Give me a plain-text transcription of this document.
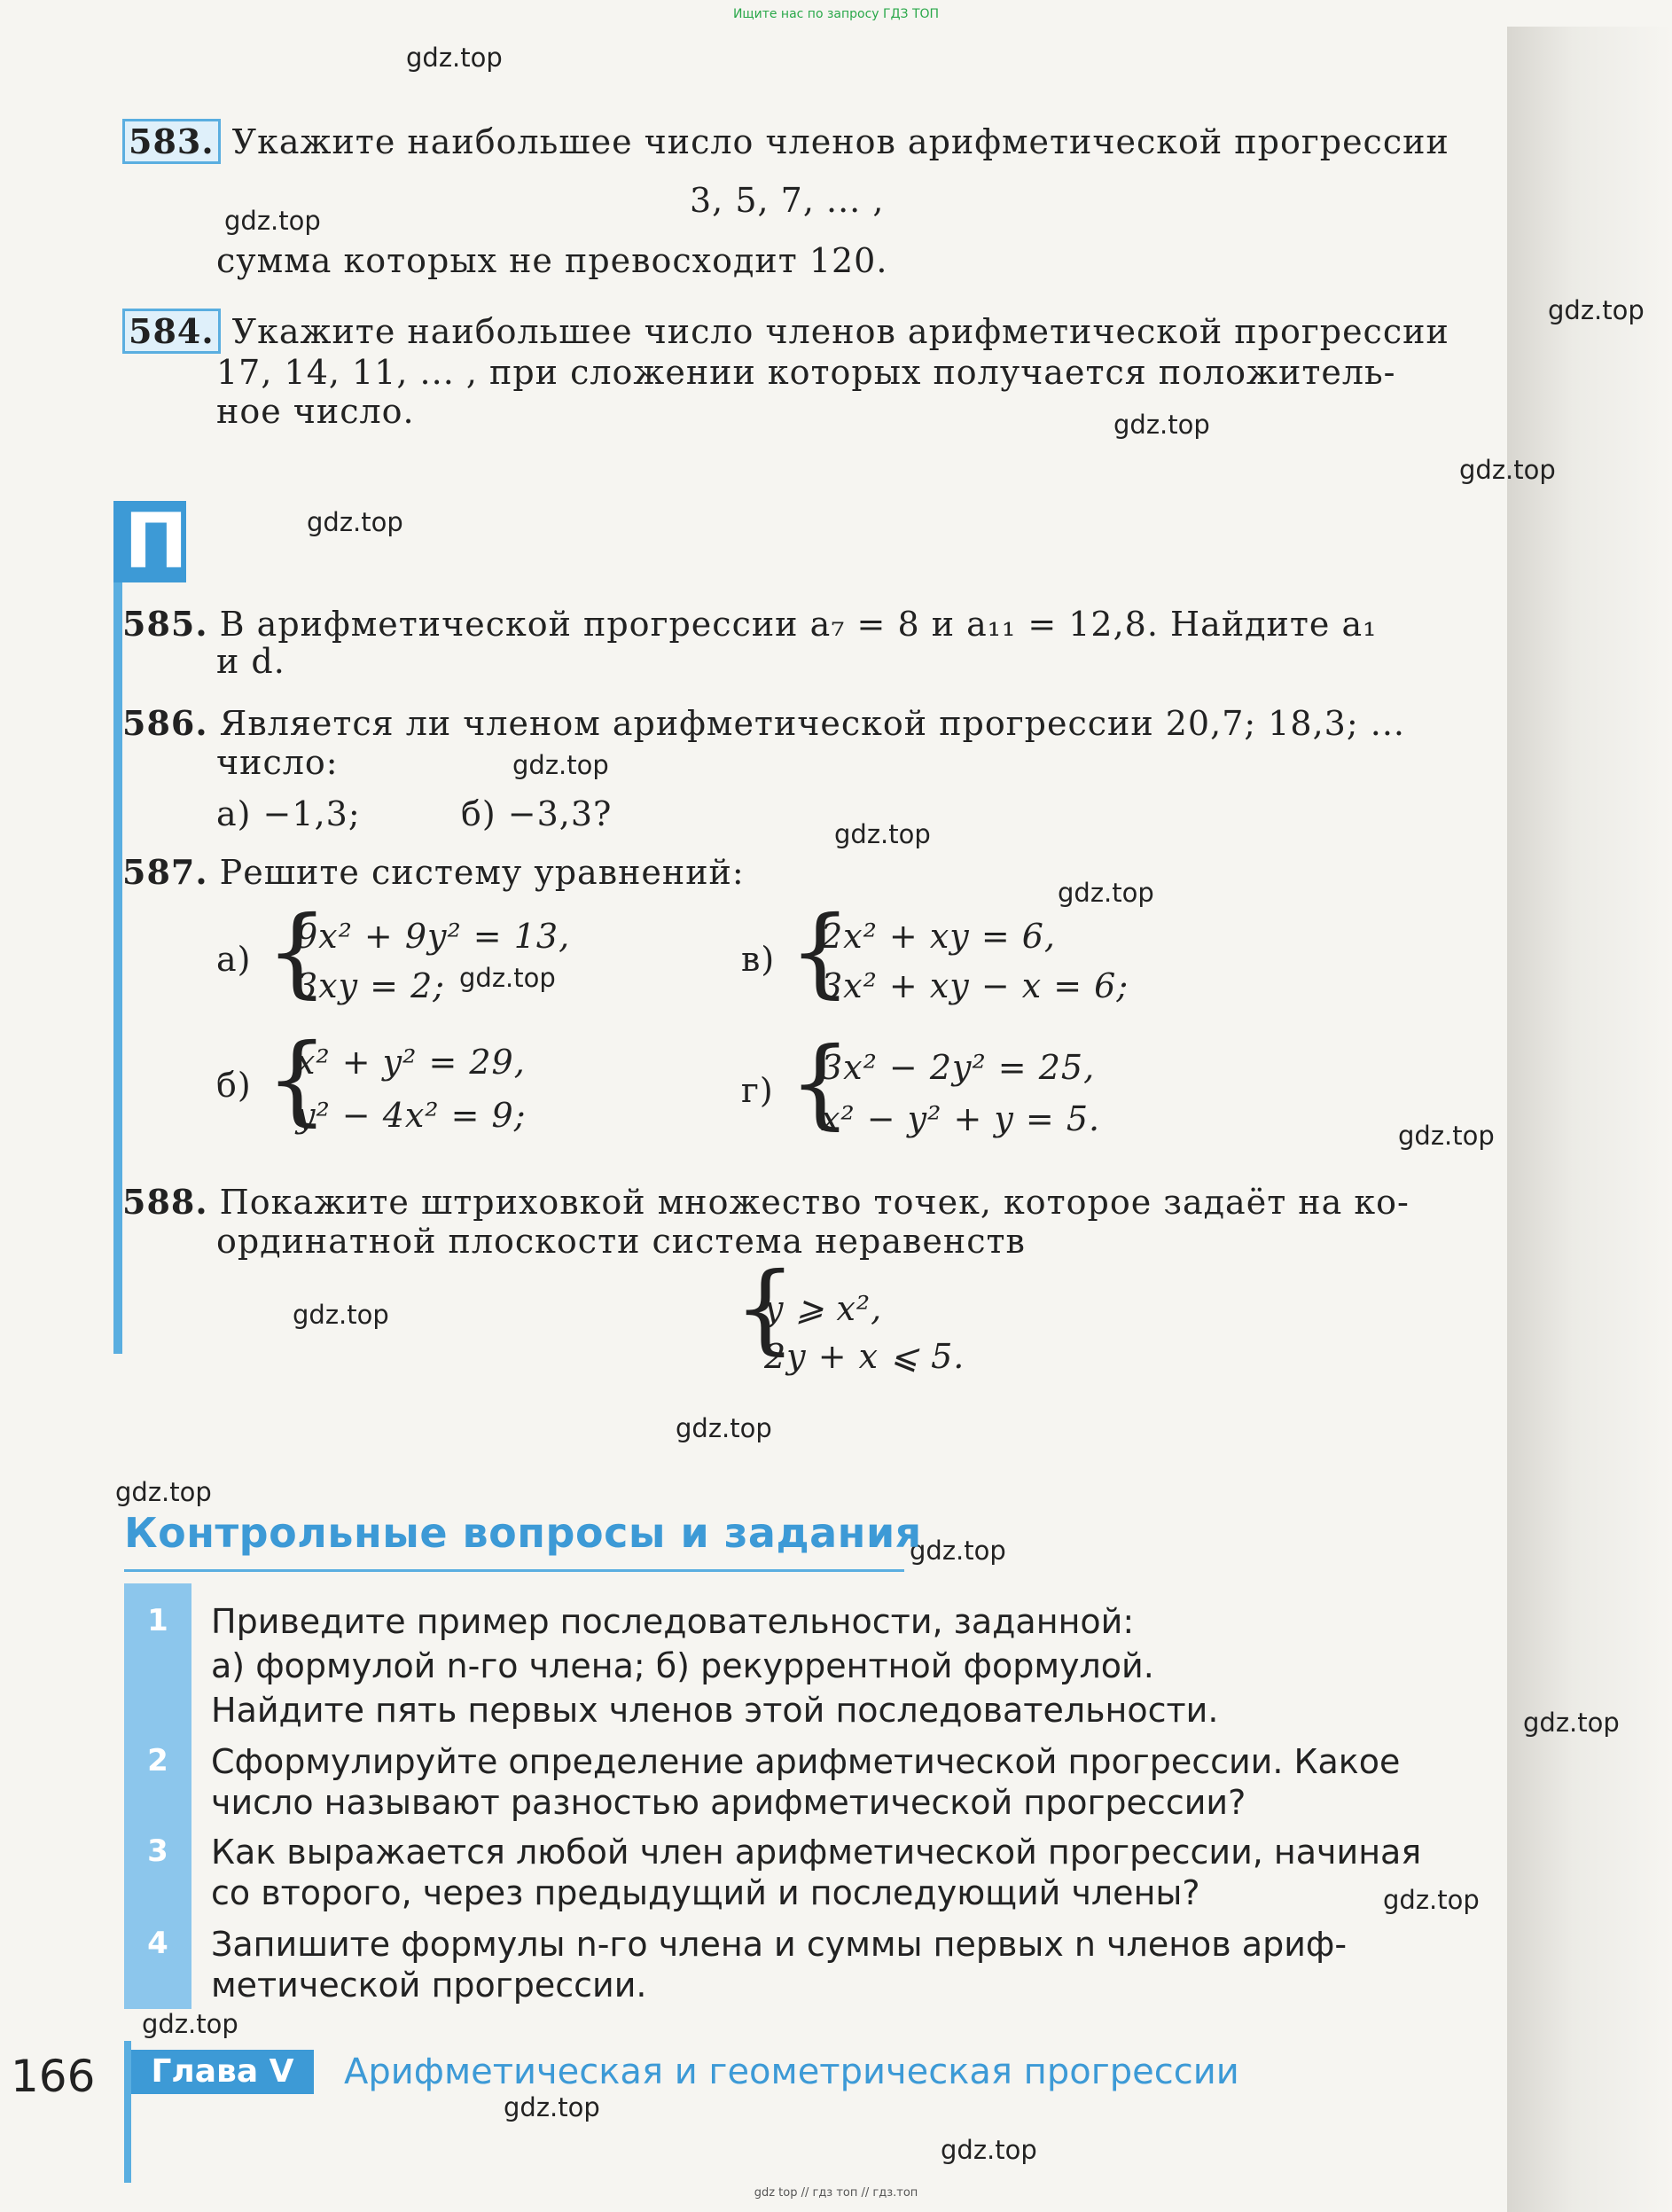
Ищите нас по запросу ГДЗ ТОП
gdz.top
gdz.top
gdz.top
gdz.top
gdz.top
gdz.top
gdz.top
gdz.top
gdz.top
gdz.top
gdz.top
gdz.top
gdz.top
gdz.top
gdz.top
gdz.top
gdz.top
gdz.top
gdz.top
gdz.top
583. Укажите наибольшее число членов арифметической прогрессии
3, 5, 7, ... ,
сумма которых не превосходит 120.
584. Укажите наибольшее число членов арифметической прогрессии
17, 14, 11, ... , при сложении которых получается положитель-
ное число.
П
585. В арифметической прогрессии a₇ = 8 и a₁₁ = 12,8. Найдите a₁
и d.
586. Является ли членом арифметической прогрессии 20,7; 18,3; ...
число:
а) −1,3;	б) −3,3?
587. Решите систему уравнений:
а) {
9x² + 9y² = 13,
3xy = 2;
в) {
2x² + xy = 6,
3x² + xy − x = 6;
б) {
x² + y² = 29,
y² − 4x² = 9;
г) {
3x² − 2y² = 25,
x² − y² + y = 5.
588. Покажите штриховкой множество точек, которое задаёт на ко-
ординатной плоскости система неравенств
{
y ⩾ x²,
2y + x ⩽ 5.
Контрольные вопросы и задания
1	Приведите пример последовательности, заданной:
а) формулой n-го члена; б) рекуррентной формулой.
Найдите пять первых членов этой последовательности.
2	Сформулируйте определение арифметической прогрессии. Какое
число называют разностью арифметической прогрессии?
3	Как выражается любой член арифметической прогрессии, начиная
со второго, через предыдущий и последующий члены?
4	Запишите формулы n-го члена и суммы первых n членов ариф-
метической прогрессии.
166	Глава V	Арифметическая и геометрическая прогрессии
gdz top // гдз топ // гдз.топ
